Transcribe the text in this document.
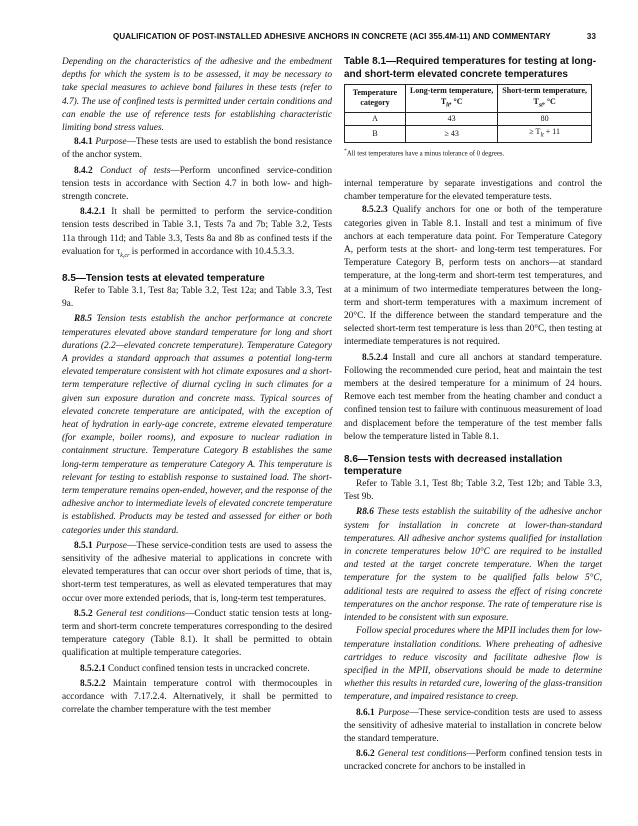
QUALIFICATION OF POST-INSTALLED ADHESIVE ANCHORS IN CONCRETE (ACI 355.4M-11) AND COMMENTARY	33

Depending on the characteristics of the adhesive and the embedment depths for which the system is to be assessed, it may be necessary to take special measures to achieve bond failures in these tests (refer to 4.7). The use of confined tests is permitted under certain conditions and can enable the use of reference tests for establishing characteristic limiting bond stress values.

8.4.1 Purpose—These tests are used to establish the bond resistance of the anchor system.

8.4.2 Conduct of tests—Perform unconfined service-condition tension tests in accordance with Section 4.7 in both low- and high-strength concrete.

8.4.2.1 It shall be permitted to perform the service-condition tension tests described in Table 3.1, Tests 7a and 7b; Table 3.2, Tests 11a through 11d; and Table 3.3, Tests 8a and 8b as confined tests if the evaluation for $\tau_{k,cr}$ is performed in accordance with 10.4.5.3.3.

8.5—Tension tests at elevated temperature

Refer to Table 3.1, Test 8a; Table 3.2, Test 12a; and Table 3.3, Test 9a.

R8.5 Tension tests establish the anchor performance at concrete temperatures elevated above standard temperature for long and short durations (2.2—elevated concrete temperature). Temperature Category A provides a standard approach that assumes a potential long-term elevated temperature consistent with hot climate exposures and a short-term temperature reflective of diurnal cycling in such climates for a given sun exposure duration and concrete mass. Typical sources of elevated concrete temperature are anticipated, with the exception of heat of hydration in early-age concrete, extreme elevated temperature (for example, boiler rooms), and exposure to nuclear radiation in containment structure. Temperature Category B establishes the same long-term temperature as temperature Category A. This temperature is relevant for testing to establish response to sustained load. The short-term temperature remains open-ended, however, and the response of the adhesive anchor to intermediate levels of elevated concrete temperature is established. Products may be tested and assessed for either or both categories under this standard.

8.5.1 Purpose—These service-condition tests are used to assess the sensitivity of the adhesive material to applications in concrete with elevated temperatures that can occur over short periods of time, that is, short-term test temperatures, as well as elevated temperatures that may occur over more extended periods, that is, long-term test temperatures.

8.5.2 General test conditions—Conduct static tension tests at long-term and short-term concrete temperatures corresponding to the desired temperature category (Table 8.1). It shall be permitted to obtain qualification at multiple temperature categories.

8.5.2.1 Conduct confined tension tests in uncracked concrete.

8.5.2.2 Maintain temperature control with thermocouples in accordance with 7.17.2.4. Alternatively, it shall be permitted to correlate the chamber temperature with the test member

Table 8.1—Required temperatures for testing at long- and short-term elevated concrete temperatures
Temperature category	Long-term temperature, $T_{lt}$, °C	Short-term temperature, $T_{st}$, °C
A	43	80
B	≥ 43	≥ $T_{lt} + 11$
*All test temperatures have a minus tolerance of 0 degrees.

internal temperature by separate investigations and control the chamber temperature for the elevated temperature tests.

8.5.2.3 Qualify anchors for one or both of the temperature categories given in Table 8.1. Install and test a minimum of five anchors at each temperature data point. For Temperature Category A, perform tests at the short- and long-term test temperatures. For Temperature Category B, perform tests on anchors—at standard temperature, at the long-term and short-term test temperatures, and at a minimum of two intermediate temperatures between the long-term and short-term temperatures with a maximum increment of 20°C. If the difference between the standard temperature and the selected short-term test temperature is less than 20°C, then testing at intermediate temperatures is not required.

8.5.2.4 Install and cure all anchors at standard temperature. Following the recommended cure period, heat and maintain the test members at the desired temperature for a minimum of 24 hours. Remove each test member from the heating chamber and conduct a confined tension test to failure with continuous measurement of load and displacement before the temperature of the test member falls below the temperature listed in Table 8.1.

8.6—Tension tests with decreased installation temperature

Refer to Table 3.1, Test 8b; Table 3.2, Test 12b; and Table 3.3, Test 9b.

R8.6 These tests establish the suitability of the adhesive anchor system for installation in concrete at lower-than-standard temperatures. All adhesive anchor systems qualified for installation in concrete temperatures below 10°C are required to be installed and tested at the target concrete temperature. When the target temperature for the system to be qualified falls below 5°C, additional tests are required to assess the effect of rising concrete temperatures on the anchor response. The rate of temperature rise is intended to be consistent with sun exposure.

Follow special procedures where the MPII includes them for low-temperature installation conditions. Where preheating of adhesive cartridges to reduce viscosity and facilitate adhesive flow is specified in the MPII, observations should be made to determine whether this results in retarded cure, lowering of the glass-transition temperature, and impaired resistance to creep.

8.6.1 Purpose—These service-condition tests are used to assess the sensitivity of adhesive material to installation in concrete below the standard temperature.

8.6.2 General test conditions—Perform confined tension tests in uncracked concrete for anchors to be installed in
